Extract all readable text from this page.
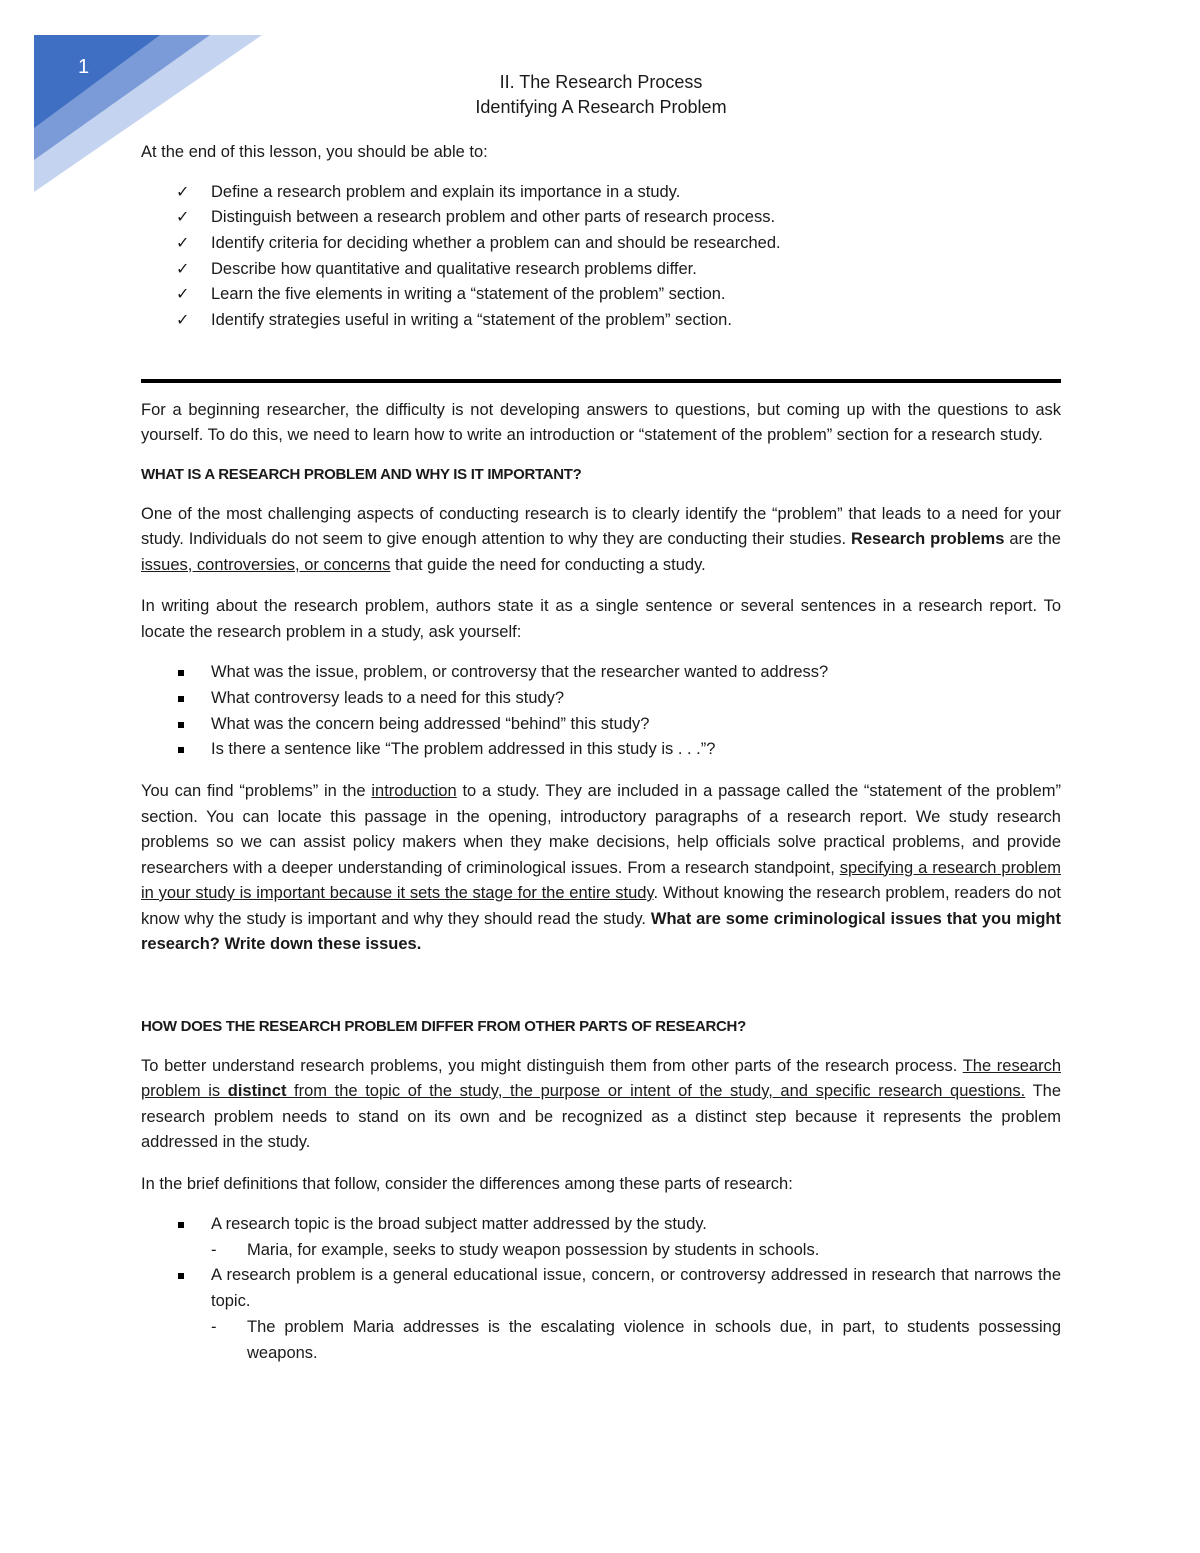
1
II. The Research Process
Identifying A Research Problem

At the end of this lesson, you should be able to:

✓ Define a research problem and explain its importance in a study.
✓ Distinguish between a research problem and other parts of research process.
✓ Identify criteria for deciding whether a problem can and should be researched.
✓ Describe how quantitative and qualitative research problems differ.
✓ Learn the five elements in writing a “statement of the problem” section.
✓ Identify strategies useful in writing a “statement of the problem” section.

For a beginning researcher, the difficulty is not developing answers to questions, but coming up with the questions to ask yourself. To do this, we need to learn how to write an introduction or “statement of the problem” section for a research study.

WHAT IS A RESEARCH PROBLEM AND WHY IS IT IMPORTANT?

One of the most challenging aspects of conducting research is to clearly identify the “problem” that leads to a need for your study. Individuals do not seem to give enough attention to why they are conducting their studies. Research problems are the issues, controversies, or concerns that guide the need for conducting a study.

In writing about the research problem, authors state it as a single sentence or several sentences in a research report. To locate the research problem in a study, ask yourself:

What was the issue, problem, or controversy that the researcher wanted to address?
What controversy leads to a need for this study?
What was the concern being addressed “behind” this study?
Is there a sentence like “The problem addressed in this study is . . .”?

You can find “problems” in the introduction to a study. They are included in a passage called the “statement of the problem” section. You can locate this passage in the opening, introductory paragraphs of a research report. We study research problems so we can assist policy makers when they make decisions, help officials solve practical problems, and provide researchers with a deeper understanding of criminological issues. From a research standpoint, specifying a research problem in your study is important because it sets the stage for the entire study. Without knowing the research problem, readers do not know why the study is important and why they should read the study. What are some criminological issues that you might research? Write down these issues.

HOW DOES THE RESEARCH PROBLEM DIFFER FROM OTHER PARTS OF RESEARCH?

To better understand research problems, you might distinguish them from other parts of the research process. The research problem is distinct from the topic of the study, the purpose or intent of the study, and specific research questions. The research problem needs to stand on its own and be recognized as a distinct step because it represents the problem addressed in the study.

In the brief definitions that follow, consider the differences among these parts of research:

A research topic is the broad subject matter addressed by the study.
- Maria, for example, seeks to study weapon possession by students in schools.
A research problem is a general educational issue, concern, or controversy addressed in research that narrows the topic.
- The problem Maria addresses is the escalating violence in schools due, in part, to students possessing weapons.
